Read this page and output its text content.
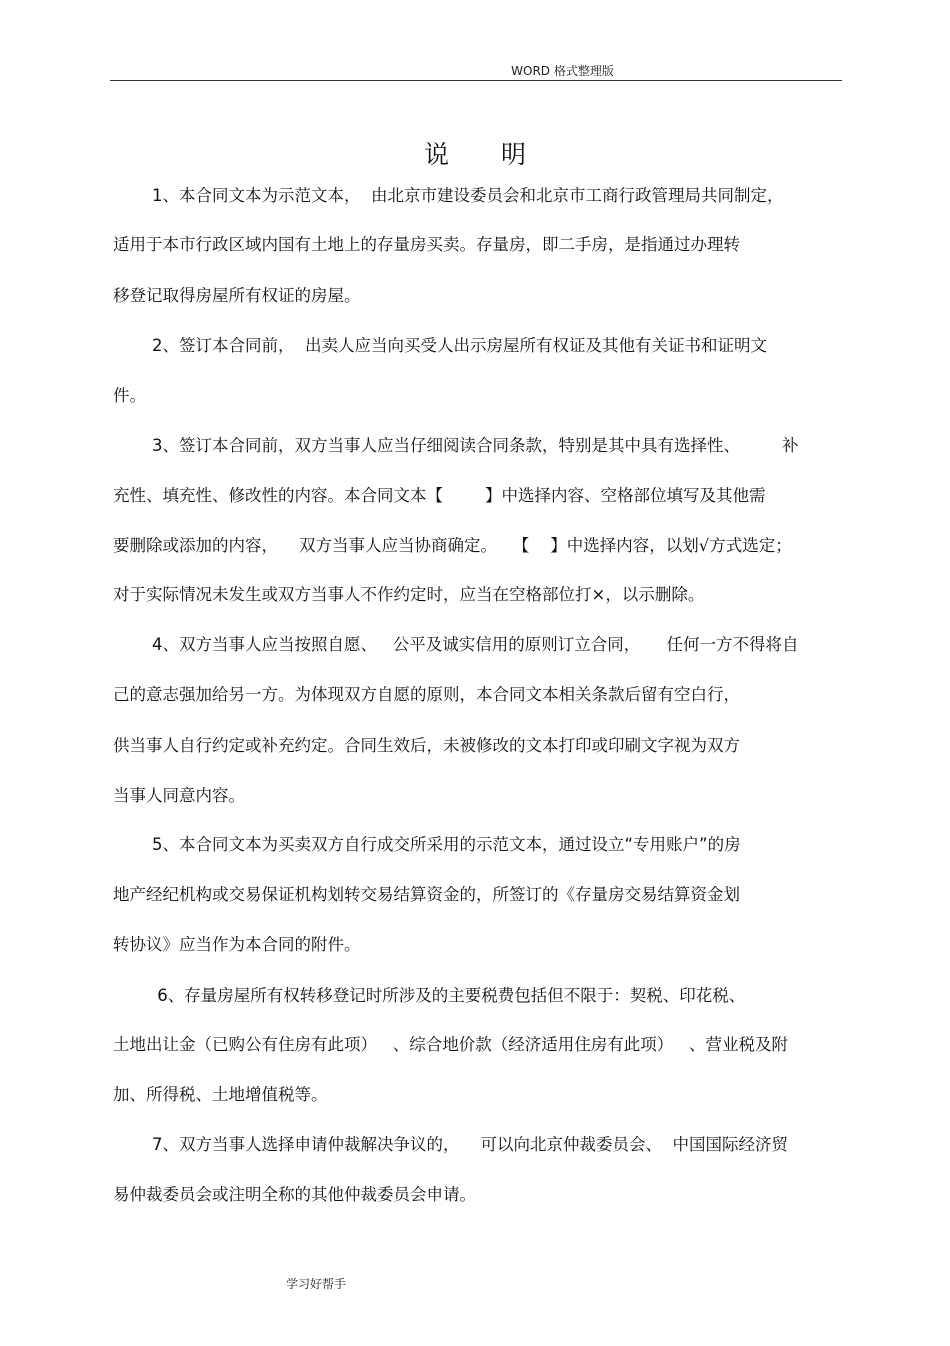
WORD 格式整理版
说 明
1、本合同文本为示范文本，  由北京市建设委员会和北京市工商行政管理局共同制定，
适用于本市行政区域内国有土地上的存量房买卖。存量房，即二手房，是指通过办理转
移登记取得房屋所有权证的房屋。
2、签订本合同前，  出卖人应当向买受人出示房屋所有权证及其他有关证书和证明文
件。
3、签订本合同前，双方当事人应当仔细阅读合同条款，特别是其中具有选择性、        补
充性、填充性、修改性的内容。本合同文本【        】中选择内容、空格部位填写及其他需
要删除或添加的内容，    双方当事人应当协商确定。   【    】中选择内容，以划√方式选定；
对于实际情况未发生或双方当事人不作约定时，应当在空格部位打×，以示删除。
4、双方当事人应当按照自愿、   公平及诚实信用的原则订立合同，     任何一方不得将自
己的意志强加给另一方。为体现双方自愿的原则，本合同文本相关条款后留有空白行，
供当事人自行约定或补充约定。合同生效后，未被修改的文本打印或印刷文字视为双方
当事人同意内容。
5、本合同文本为买卖双方自行成交所采用的示范文本，通过设立“专用账户”的房
地产经纪机构或交易保证机构划转交易结算资金的，所签订的《存量房交易结算资金划
转协议》应当作为本合同的附件。
6、存量房屋所有权转移登记时所涉及的主要税费包括但不限于：契税、印花税、
土地出让金（已购公有住房有此项）   、综合地价款（经济适用住房有此项）   、营业税及附
加、所得税、土地增值税等。
7、双方当事人选择申请仲裁解决争议的，    可以向北京仲裁委员会、  中国国际经济贸
易仲裁委员会或注明全称的其他仲裁委员会申请。
学习好帮手
